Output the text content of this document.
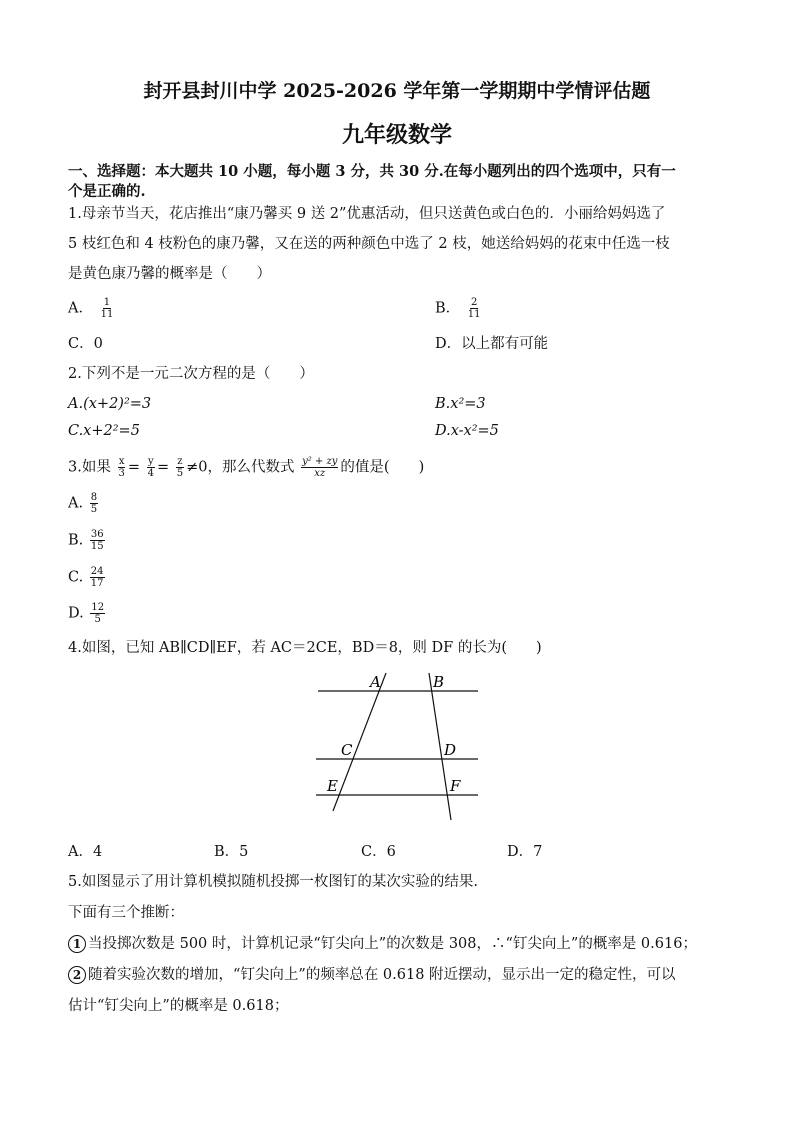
封开县封川中学 2025-2026 学年第一学期期中学情评估题
九年级数学
一、选择题：本大题共 10 小题，每小题 3 分，共 30 分.在每小题列出的四个选项中，只有一
个是正确的.
1.母亲节当天，花店推出“康乃馨买 9 送 2”优惠活动，但只送黄色或白色的．小丽给妈妈选了
5 枝红色和 4 枝粉色的康乃馨，又在送的两种颜色中选了 2 枝，她送给妈妈的花束中任选一枝
是黄色康乃馨的概率是（　　）
A． $\frac{1}{11}$	B． $\frac{2}{11}$
C．0	D．以上都有可能
2.下列不是一元二次方程的是（　　）
A.(x+2)²=3	B.x²=3
C.x+2²=5	D.x-x²=5
3.如果 $\frac{x}{3} = \frac{y}{4} = \frac{z}{5} \ne 0$，那么代数式 $\frac{\text{y² + zy}}{xz}$ 的值是(　　)
A. $\frac{8}{5}$
B. $\frac{36}{15}$
C. $\frac{24}{17}$
D. $\frac{12}{5}$
4.如图，已知 AB∥CD∥EF，若 AC＝2CE，BD＝8，则 DF 的长为(　　)
A	B
C	D
E	F
A．4	B．5	C．6	D．7
5.如图显示了用计算机模拟随机投掷一枚图钉的某次实验的结果.
下面有三个推断：
1 当投掷次数是 500 时，计算机记录“钉尖向上”的次数是 308，∴“钉尖向上”的概率是 0.616；
2 随着实验次数的增加，“钉尖向上”的频率总在 0.618 附近摆动，显示出一定的稳定性，可以
估计“钉尖向上”的概率是 0.618；
